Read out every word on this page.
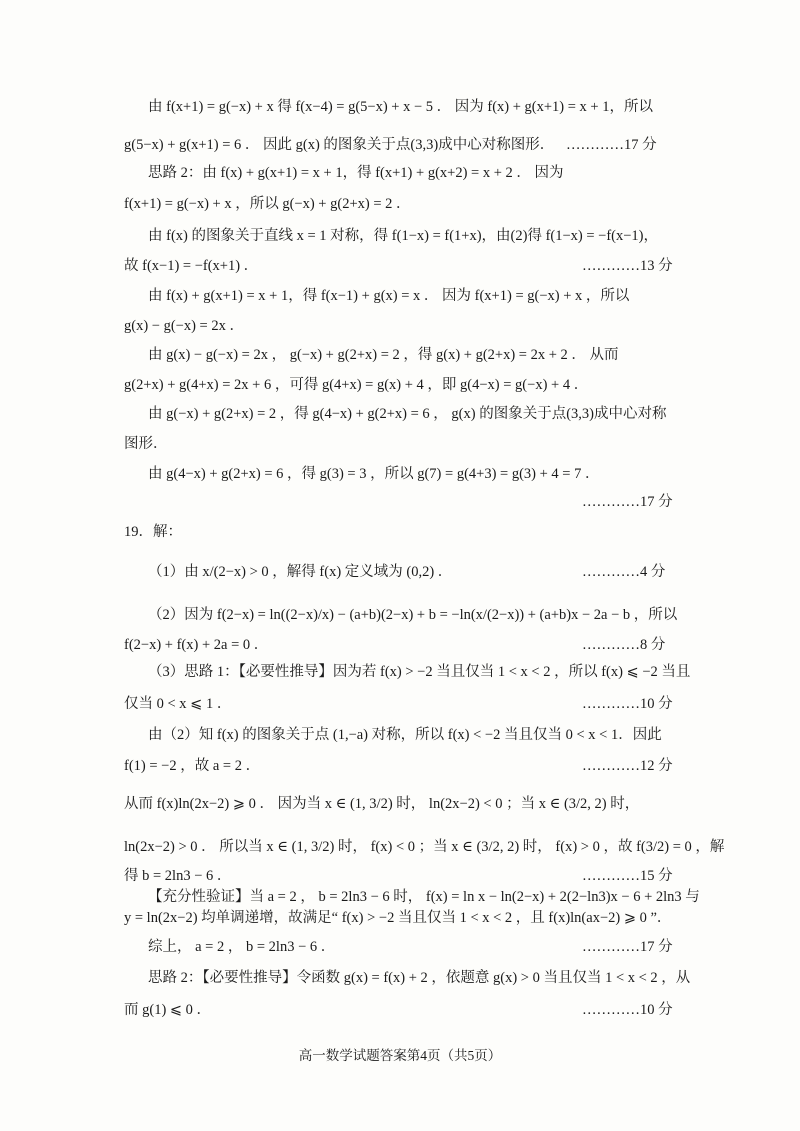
由 f(x+1) = g(−x) + x 得 f(x−4) = g(5−x) + x − 5 ． 因为 f(x) + g(x+1) = x + 1，所以
g(5−x) + g(x+1) = 6 ． 因此 g(x) 的图象关于点(3,3)成中心对称图形．
思路 2：由 f(x) + g(x+1) = x + 1，得 f(x+1) + g(x+2) = x + 2 ． 因为
f(x+1) = g(−x) + x ，所以 g(−x) + g(2+x) = 2 ．
由 f(x) 的图象关于直线 x = 1 对称，得 f(1−x) = f(1+x)，由(2)得 f(1−x) = −f(x−1)，
故 f(x−1) = −f(x+1) ．
由 f(x) + g(x+1) = x + 1，得 f(x−1) + g(x) = x ． 因为 f(x+1) = g(−x) + x ，所以
g(x) − g(−x) = 2x ．
由 g(x) − g(−x) = 2x ， g(−x) + g(2+x) = 2 ，得 g(x) + g(2+x) = 2x + 2 ． 从而
g(2+x) + g(4+x) = 2x + 6 ，可得 g(4+x) = g(x) + 4 ，即 g(4−x) = g(−x) + 4 ．
由 g(−x) + g(2+x) = 2 ，得 g(4−x) + g(2+x) = 6 ， g(x) 的图象关于点(3,3)成中心对称
图形．
由 g(4−x) + g(2+x) = 6 ，得 g(3) = 3 ，所以 g(7) = g(4+3) = g(3) + 4 = 7 ．
19．解：
（1）由 x/(2−x) > 0 ，解得 f(x) 定义域为 (0,2) ．
（2）因为 f(2−x) = ln((2−x)/x) − (a+b)(2−x) + b = −ln(x/(2−x)) + (a+b)x − 2a − b ，所以
f(2−x) + f(x) + 2a = 0 ．
（3）思路 1：【必要性推导】因为若 f(x) > −2 当且仅当 1 < x < 2 ，所以 f(x) ⩽ −2 当且
仅当 0 < x ⩽ 1 ．
由（2）知 f(x) 的图象关于点 (1,−a) 对称，所以 f(x) < −2 当且仅当 0 < x < 1．因此
f(1) = −2 ，故 a = 2 ．
从而 f(x)ln(2x−2) ⩾ 0 ． 因为当 x ∈ (1, 3/2) 时， ln(2x−2) < 0 ；当 x ∈ (3/2, 2) 时，
ln(2x−2) > 0 ． 所以当 x ∈ (1, 3/2) 时， f(x) < 0 ；当 x ∈ (3/2, 2) 时， f(x) > 0 ，故 f(3/2) = 0 ，解
得 b = 2ln3 − 6 ．
【充分性验证】当 a = 2 ， b = 2ln3 − 6 时， f(x) = ln x − ln(2−x) + 2(2−ln3)x − 6 + 2ln3 与
y = ln(2x−2) 均单调递增，故满足“ f(x) > −2 当且仅当 1 < x < 2 ，且 f(x)ln(ax−2) ⩾ 0 ”．
综上， a = 2 ， b = 2ln3 − 6 ．
思路 2：【必要性推导】令函数 g(x) = f(x) + 2 ，依题意 g(x) > 0 当且仅当 1 < x < 2 ，从
而 g(1) ⩽ 0 ．
…………17 分
…………13 分
…………17 分
…………4 分
…………8 分
…………10 分
…………12 分
…………15 分
…………17 分
…………10 分
高一数学试题答案第4页（共5页）
